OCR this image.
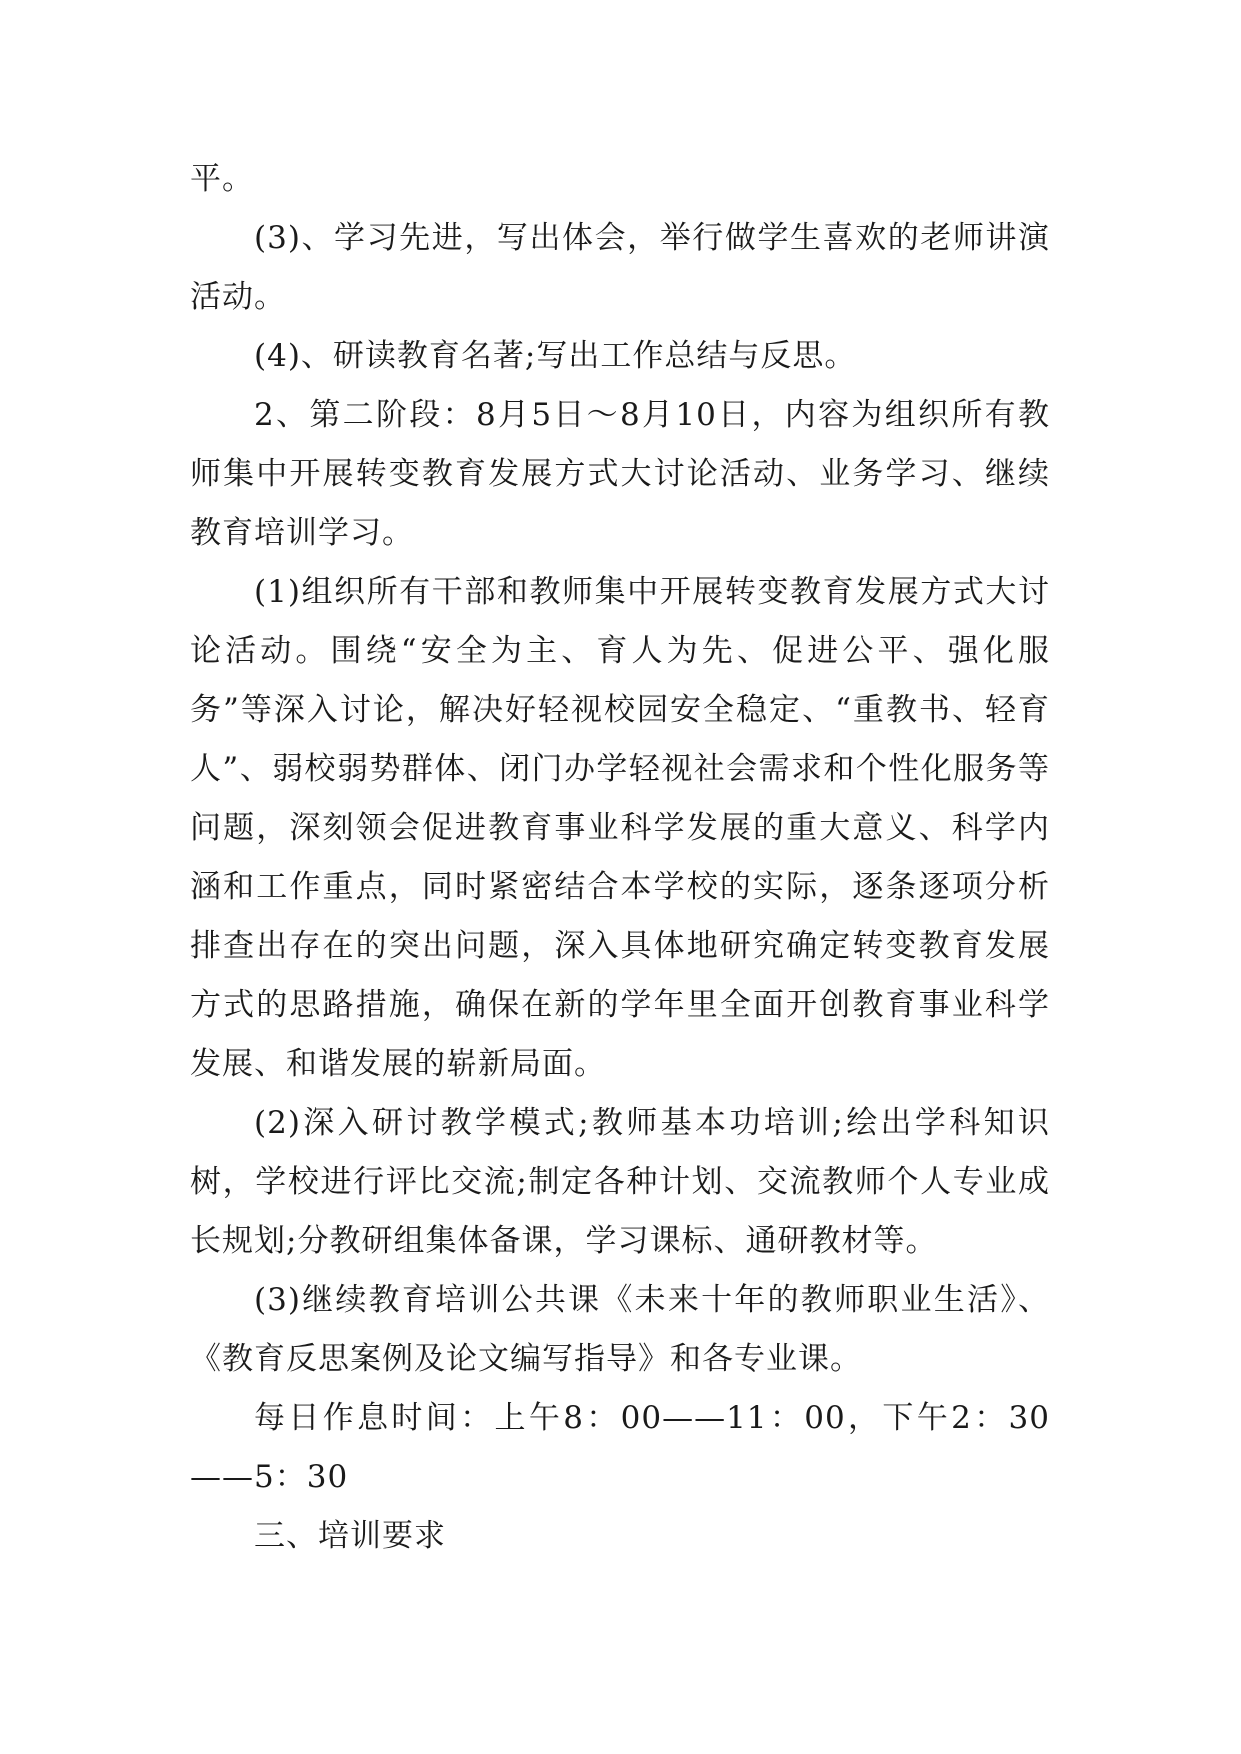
平。

(3)、学习先进，写出体会，举行做学生喜欢的老师讲演活动。

(4)、研读教育名著;写出工作总结与反思。

2、第二阶段：8月5日～8月10日，内容为组织所有教师集中开展转变教育发展方式大讨论活动、业务学习、继续教育培训学习。

(1)组织所有干部和教师集中开展转变教育发展方式大讨论活动。围绕“安全为主、育人为先、促进公平、强化服务”等深入讨论，解决好轻视校园安全稳定、“重教书、轻育人”、弱校弱势群体、闭门办学轻视社会需求和个性化服务等问题，深刻领会促进教育事业科学发展的重大意义、科学内涵和工作重点，同时紧密结合本学校的实际，逐条逐项分析排查出存在的突出问题，深入具体地研究确定转变教育发展方式的思路措施，确保在新的学年里全面开创教育事业科学发展、和谐发展的崭新局面。

(2)深入研讨教学模式;教师基本功培训;绘出学科知识树，学校进行评比交流;制定各种计划、交流教师个人专业成长规划;分教研组集体备课，学习课标、通研教材等。

(3)继续教育培训公共课《未来十年的教师职业生活》、《教育反思案例及论文编写指导》和各专业课。

每日作息时间：上午8：00——11：00，下午2：30——5：30

三、培训要求
